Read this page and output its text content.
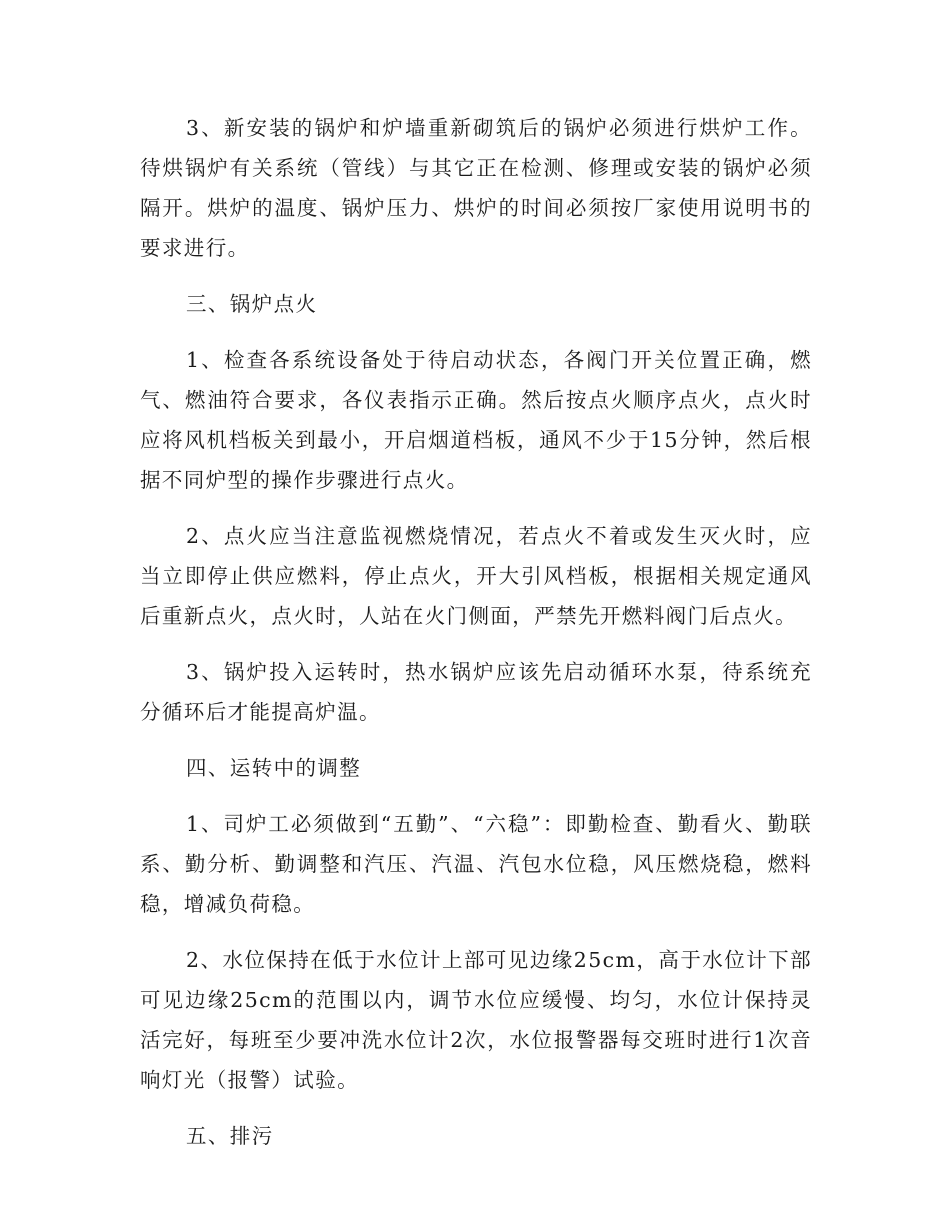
3、新安装的锅炉和炉墙重新砌筑后的锅炉必须进行烘炉工作。待烘锅炉有关系统（管线）与其它正在检测、修理或安装的锅炉必须隔开。烘炉的温度、锅炉压力、烘炉的时间必须按厂家使用说明书的要求进行。

三、锅炉点火

1、检查各系统设备处于待启动状态，各阀门开关位置正确，燃气、燃油符合要求，各仪表指示正确。然后按点火顺序点火，点火时应将风机档板关到最小，开启烟道档板，通风不少于15分钟，然后根据不同炉型的操作步骤进行点火。

2、点火应当注意监视燃烧情况，若点火不着或发生灭火时，应当立即停止供应燃料，停止点火，开大引风档板，根据相关规定通风后重新点火，点火时，人站在火门侧面，严禁先开燃料阀门后点火。

3、锅炉投入运转时，热水锅炉应该先启动循环水泵，待系统充分循环后才能提高炉温。

四、运转中的调整

1、司炉工必须做到“五勤”、“六稳”：即勤检查、勤看火、勤联系、勤分析、勤调整和汽压、汽温、汽包水位稳，风压燃烧稳，燃料稳，增减负荷稳。

2、水位保持在低于水位计上部可见边缘25cm，高于水位计下部可见边缘25cm的范围以内，调节水位应缓慢、均匀，水位计保持灵活完好，每班至少要冲洗水位计2次，水位报警器每交班时进行1次音响灯光（报警）试验。

五、排污
